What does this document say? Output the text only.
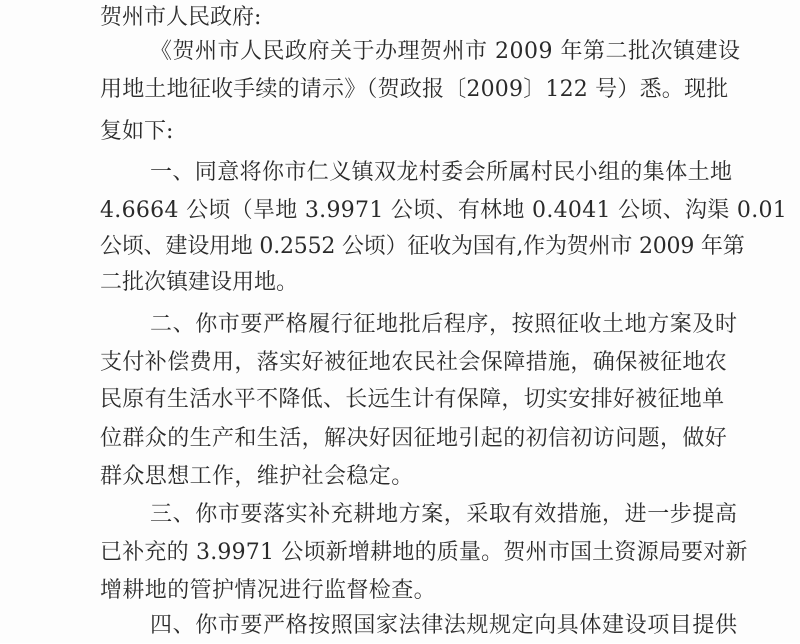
贺州市人民政府:
《贺州市人民政府关于办理贺州市 2009 年第二批次镇建设
用地土地征收手续的请示》（贺政报〔2009〕122 号）悉。现批
复如下:
一、同意将你市仁义镇双龙村委会所属村民小组的集体土地
4.6664 公顷（旱地 3.9971 公顷、有林地 0.4041 公顷、沟渠 0.01
公顷、建设用地 0.2552 公顷）征收为国有,作为贺州市 2009 年第
二批次镇建设用地。
二、你市要严格履行征地批后程序，按照征收土地方案及时
支付补偿费用，落实好被征地农民社会保障措施，确保被征地农
民原有生活水平不降低、长远生计有保障，切实安排好被征地单
位群众的生产和生活，解决好因征地引起的初信初访问题，做好
群众思想工作，维护社会稳定。
三、你市要落实补充耕地方案，采取有效措施，进一步提高
已补充的 3.9971 公顷新增耕地的质量。贺州市国土资源局要对新
增耕地的管护情况进行监督检查。
四、你市要严格按照国家法律法规规定向具体建设项目提供
